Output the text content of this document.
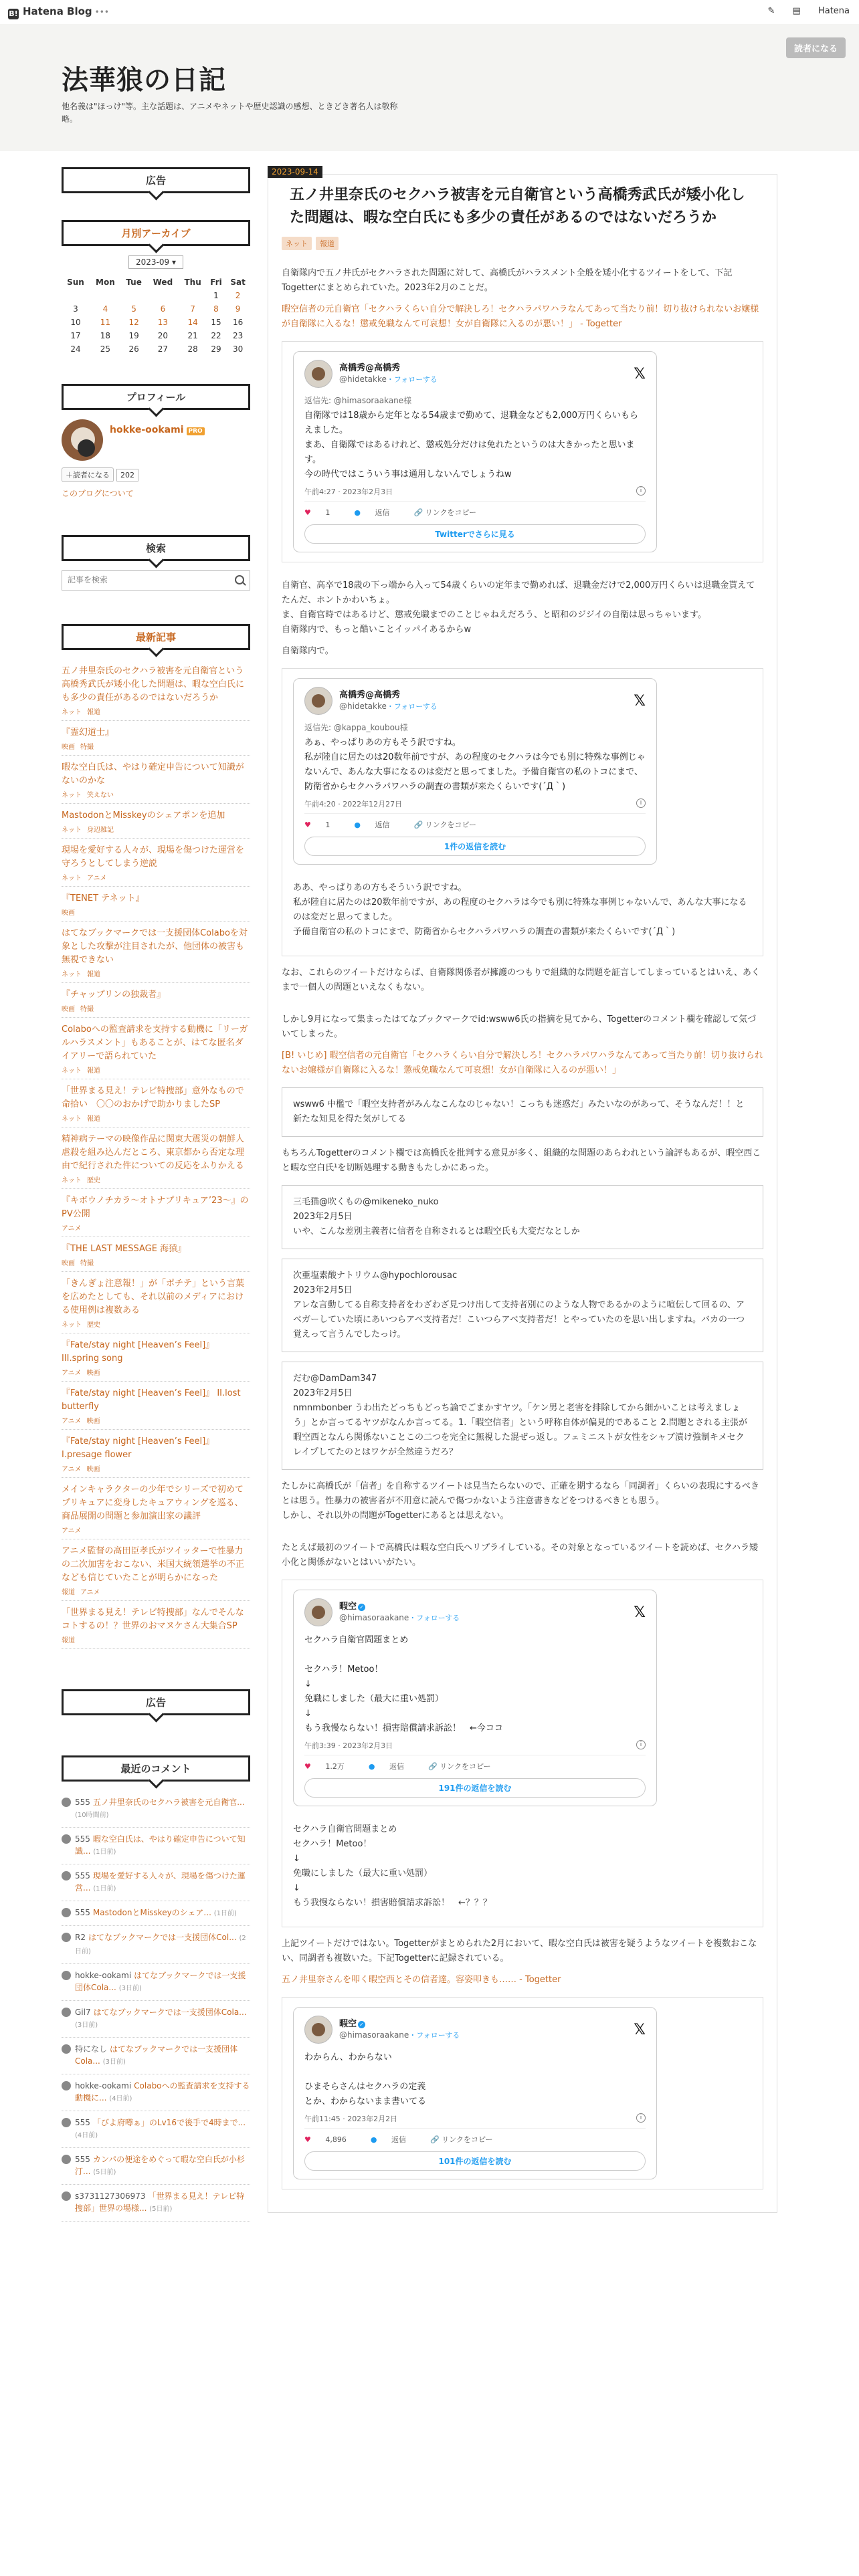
B! Hatena Blog •••	✎ ▤ Hatena
読者になる
法華狼の日記
他名義は"ほっけ"等。主な話題は、アニメやネットや歴史認識の感想、ときどき著名人は敬称略。
広告
月別アーカイブ
2023-09 ▾
Sun	Mon	Tue	Wed	Thu	Fri	Sat
					1	2
3	4	5	6	7	8	9
10	11	12	13	14	15	16
17	18	19	20	21	22	23
24	25	26	27	28	29	30
プロフィール
hokke-ookami PRO
＋読者になる 202
このブログについて
検索
記事を検索
最新記事
五ノ井里奈氏のセクハラ被害を元自衛官という高橋秀武氏が矮小化した問題は、暇な空白氏にも多少の責任があるのではないだろうか
ネット 報道
『霊幻道士』
映画 特撮
暇な空白氏は、やはり確定申告について知識がないのかな
ネット 笑えない
MastodonとMisskeyのシェアポンを追加
ネット 身辺雑記
現場を愛好する人々が、現場を傷つけた運営を守ろうとしてしまう逆説
ネット アニメ
『TENET テネット』
映画
はてなブックマークでは一支援団体Colaboを対象とした攻撃が注目されたが、他団体の被害も無視できない
ネット 報道
『チャップリンの独裁者』
映画 特撮
Colaboへの監査請求を支持する動機に「リーガルハラスメント」もあることが、はてな匿名ダイアリーで語られていた
ネット 報道
「世界まる見え！テレビ特捜部」意外なもので命拾い　〇〇のおかげで助かりましたSP
ネット 報道
精神病テーマの映像作品に関東大震災の朝鮮人虐殺を組み込んだところ、東京都から否定な理由で紀行された件についての反応をふりかえる
ネット 歴史
『キボウノチカラ〜オトナプリキュア’23〜』のPV公開
アニメ
『THE LAST MESSAGE 海猿』
映画 特撮
「きんぎょ注意報！」が「ポチテ」という言葉を広めたとしても、それ以前のメディアにおける使用例は複数ある
ネット 歴史
『Fate/stay night [Heaven’s Feel]』 III.spring song
アニメ 映画
『Fate/stay night [Heaven’s Feel]』 II.lost butterfly
アニメ 映画
『Fate/stay night [Heaven’s Feel]』 I.presage flower
アニメ 映画
メインキャラクターの少年でシリーズで初めてプリキュアに変身したキュアウィングを巡る、商品展開の問題と参加演出家の議評
アニメ
アニメ監督の高田臣孝氏がツイッターで性暴力の二次加害をおこない、米国大統領選挙の不正なども信じていたことが明らかになった
報道 アニメ
「世界まる見え！テレビ特捜部」なんでそんなコトするの！？世界のおマヌケさん大集合SP
報道
広告
最近のコメント
555 五ノ井里奈氏のセクハラ被害を元自衛官... (10時間前)
555 暇な空白氏は、やはり確定申告について知識... (1日前)
555 現場を愛好する人々が、現場を傷つけた運営... (1日前)
555 MastodonとMisskeyのシェア... (1日前)
R2 はてなブックマークでは一支援団体Col... (2日前)
hokke-ookami はてなブックマークでは一支援団体Cola... (3日前)
Gil7 はてなブックマークでは一支援団体Cola... (3日前)
特になし はてなブックマークでは一支援団体Cola... (3日前)
hokke-ookami Colaboへの監査請求を支持する動機に... (4日前)
555 「びよ府噂ぁ」のLv16で後手で4時まで... (4日前)
555 カンパの便途をめぐって暇な空白氏が小杉汀... (5日前)
s3731127306973 「世界まる見え！テレビ特捜部」世界の場様... (5日前)
2023-09-14
五ノ井里奈氏のセクハラ被害を元自衛官という高橋秀武氏が矮小化した問題は、暇な空白氏にも多少の責任があるのではないだろうか
ネット 報道

自衛隊内で五ノ井氏がセクハラされた問題に対して、高橋氏がハラスメント全般を矮小化するツイートをして、下記Togetterにまとめられていた。2023年2月のことだ。

暇空信者の元自衛官「セクハラくらい自分で解決しろ！セクハラパワハラなんてあって当たり前！切り抜けられないお嬢様が自衛隊に入るな！懲戒免職なんて可哀想！女が自衛隊に入るのが悪い！」 - Togetter

高橋秀@高橋秀
@hidetakke・フォローする	𝕏
返信先: @himasoraakane様
自衛隊では18歳から定年となる54歳まで勤めて、退職金なども2,000万円くらいもらえました。
まあ、自衛隊ではあるけれど、懲戒処分だけは免れたというのは大きかったと思います。
今の時代ではこういう事は通用しないんでしょうねw
午前4:27 · 2023年2月3日	i
♥ 1	● 返信	🔗 リンクをコピー
Twitterでさらに見る

自衛官、高卒で18歳の下っ端から入って54歳くらいの定年まで勤めれば、退職金だけで2,000万円くらいは退職金貰えてたんだ、ホントかわいちょ。
ま、自衛官時ではあるけど、懲戒免職までのことじゃねえだろう、と昭和のジジイの自衛は思っちゃいます。
自衛隊内で、もっと酷いことイッパイあるからw

自衛隊内で。

高橋秀@高橋秀
@hidetakke・フォローする	𝕏
返信先: @kappa_koubou様
あぁ、やっぱりあの方もそう訳ですね。
私が陸自に居たのは20数年前ですが、あの程度のセクハラは今でも別に特殊な事例じゃないんで、あんな大事になるのは変だと思ってました。予備自衛官の私のトコにまで、防衛省からセクハラパワハラの調査の書類が来たくらいです(´Д｀)
午前4:20 · 2022年12月27日	i
♥ 1	● 返信	🔗 リンクをコピー
1件の返信を読む

ああ、やっぱりあの方もそういう訳ですね。
私が陸自に居たのは20数年前ですが、あの程度のセクハラは今でも別に特殊な事例じゃないんで、あんな大事になるのは変だと思ってました。
予備自衛官の私のトコにまで、防衛省からセクハラパワハラの調査の書類が来たくらいです(´Д｀)

なお、これらのツイートだけならば、自衛隊関係者が擁護のつもりで組織的な問題を証言してしまっているとはいえ、あくまで一個人の問題といえなくもない。

しかし9月になって集まったはてなブックマークでid:wsww6氏の指摘を見てから、Togetterのコメント欄を確認して気づいてしまった。

[B! いじめ] 暇空信者の元自衛官「セクハラくらい自分で解決しろ！セクハラパワハラなんてあって当たり前！切り抜けられないお嬢様が自衛隊に入るな！懲戒免職なんて可哀想！女が自衛隊に入るのが悪い！」

wsww6 中檻で「暇空支持者がみんなこんなのじゃない！こっちも迷惑だ」みたいなのがあって、そうなんだ！！と新たな知見を得た気がしてる

もちろんTogetterのコメント欄では高橋氏を批判する意見が多く、組織的な問題のあらわれという論評もあるが、暇空西こと暇な空白氏¹を切断処理する動きもたしかにあった。

三毛猫@吹くもの@mikeneko_nuko
2023年2月5日
いや、こんな差別主義者に信者を自称されるとは暇空氏も大変だなとしか
次亜塩素酸ナトリウム@hypochlorousac
2023年2月5日
アレな言動してる自称支持者をわざわざ見つけ出して支持者別にのような人物であるかのように喧伝して回るの、アベガーしていた頃にあいつらアベ支持者だ！こいつらアベ支持者だ！とやっていたのを思い出しますね。バカの一つ覚えって言うんでしたっけ。
だむ@DamDam347
2023年2月5日
nmnmbonber うわ出たどっちもどっち論でごまかすヤツ。「ケン男と老害を排除してから細かいことは考えましょう」とか言ってるヤツがなんか言ってる。1.「暇空信者」という呼称自体が偏見的であること 2.問題とされる主張が暇空西となんら関係ないことこの二つを完全に無視した混ぜっ返し。フェミニストが女性をシャブ漬け強制キメセクレイプしてたのとはワケが全然違うだろ？

たしかに高橋氏が「信者」を自称するツイートは見当たらないので、正確を期するなら「同調者」くらいの表現にするべきとは思う。性暴力の被害者が不用意に読んで傷つかないよう注意書きなどをつけるべきとも思う。
しかし、それ以外の問題がTogetterにあるとは思えない。

たとえば最初のツイートで高橋氏は暇な空白氏へリプライしている。その対象となっているツイートを読めば、セクハラ矮小化と関係がないとはいいがたい。

暇空 ✓
@himasoraakane・フォローする	𝕏
セクハラ自衛官問題まとめ

セクハラ！Metoo！
↓
免職にしました（最大に重い処罰）
↓
もう我慢ならない！損害賠償請求訴訟！　←今ココ
午前3:39 · 2023年2月3日	i
♥ 1.2万	● 返信	🔗 リンクをコピー
191件の返信を読む

セクハラ自衛官問題まとめ
セクハラ！Metoo！
↓
免職にしました（最大に重い処罰）
↓
もう我慢ならない！損害賠償請求訴訟！　←？？？

上記ツイートだけではない。Togetterがまとめられた2月において、暇な空白氏は被害を疑うようなツイートを複数おこない、同調者も複数いた。下記Togetterに記録されている。

五ノ井里奈さんを叩く暇空西とその信者達。容姿叩きも…… - Togetter

暇空 ✓
@himasoraakane・フォローする	𝕏
わからん、わからない

ひまそらさんはセクハラの定義
とか、わからないまま書いてる
午前11:45 · 2023年2月2日	i
♥ 4,896	● 返信	🔗 リンクをコピー
101件の返信を読む
